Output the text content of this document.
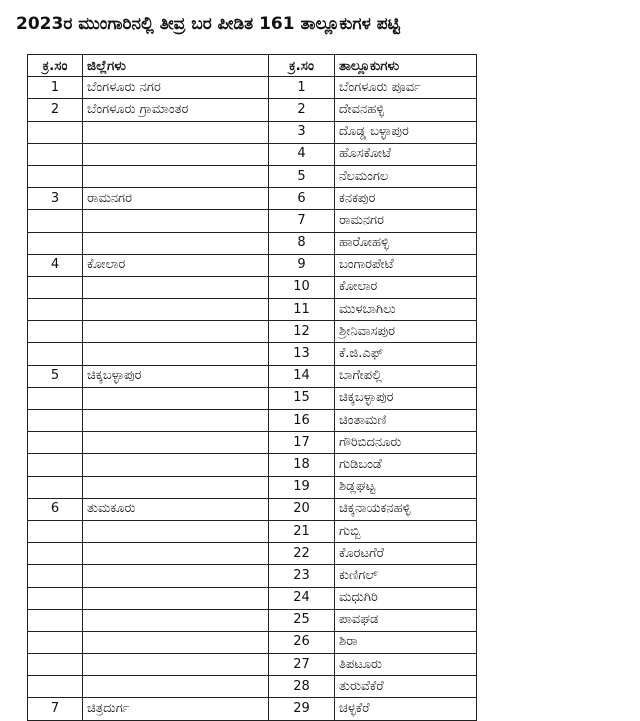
2023ರ ಮುಂಗಾರಿನಲ್ಲಿ ತೀವ್ರ ಬರ ಪೀಡಿತ 161 ತಾಲ್ಲೂಕುಗಳ ಪಟ್ಟಿ
ಕ್ರ.ಸಂ	ಜಿಲ್ಲೆಗಳು	ಕ್ರ.ಸಂ	ತಾಲ್ಲೂಕುಗಳು
1	ಬೆಂಗಳೂರು ನಗರ	1	ಬೆಂಗಳೂರು ಪೂರ್ವ
2	ಬೆಂಗಳೂರು ಗ್ರಾಮಾಂತರ	2	ದೇವನಹಳ್ಳಿ
		3	ದೊಡ್ಡ ಬಳ್ಳಾಪುರ
		4	ಹೊಸಕೋಟೆ
		5	ನೆಲಮಂಗಲ
3	ರಾಮನಗರ	6	ಕನಕಪುರ
		7	ರಾಮನಗರ
		8	ಹಾರೋಹಳ್ಳಿ
4	ಕೋಲಾರ	9	ಬಂಗಾರಪೇಟೆ
		10	ಕೋಲಾರ
		11	ಮುಳಬಾಗಿಲು
		12	ಶ್ರೀನಿವಾಸಪುರ
		13	ಕೆ.ಜಿ.ಎಫ್
5	ಚಿಕ್ಕಬಳ್ಳಾಪುರ	14	ಬಾಗೇಪಲ್ಲಿ
		15	ಚಿಕ್ಕಬಳ್ಳಾಪುರ
		16	ಚಿಂತಾಮಣಿ
		17	ಗೌರಿಬಿದನೂರು
		18	ಗುಡಿಬಂಡೆ
		19	ಶಿಡ್ಲಘಟ್ಟ
6	ತುಮಕೂರು	20	ಚಿಕ್ಕನಾಯಕನಹಳ್ಳಿ
		21	ಗುಬ್ಬಿ
		22	ಕೊರಟಗೆರೆ
		23	ಕುಣಿಗಲ್
		24	ಮಧುಗಿರಿ
		25	ಪಾವಘಡ
		26	ಶಿರಾ
		27	ತಿಪಟೂರು
		28	ತುರುವೆಕೆರೆ
7	ಚಿತ್ರದುರ್ಗ	29	ಚಳ್ಳಕೆರೆ
